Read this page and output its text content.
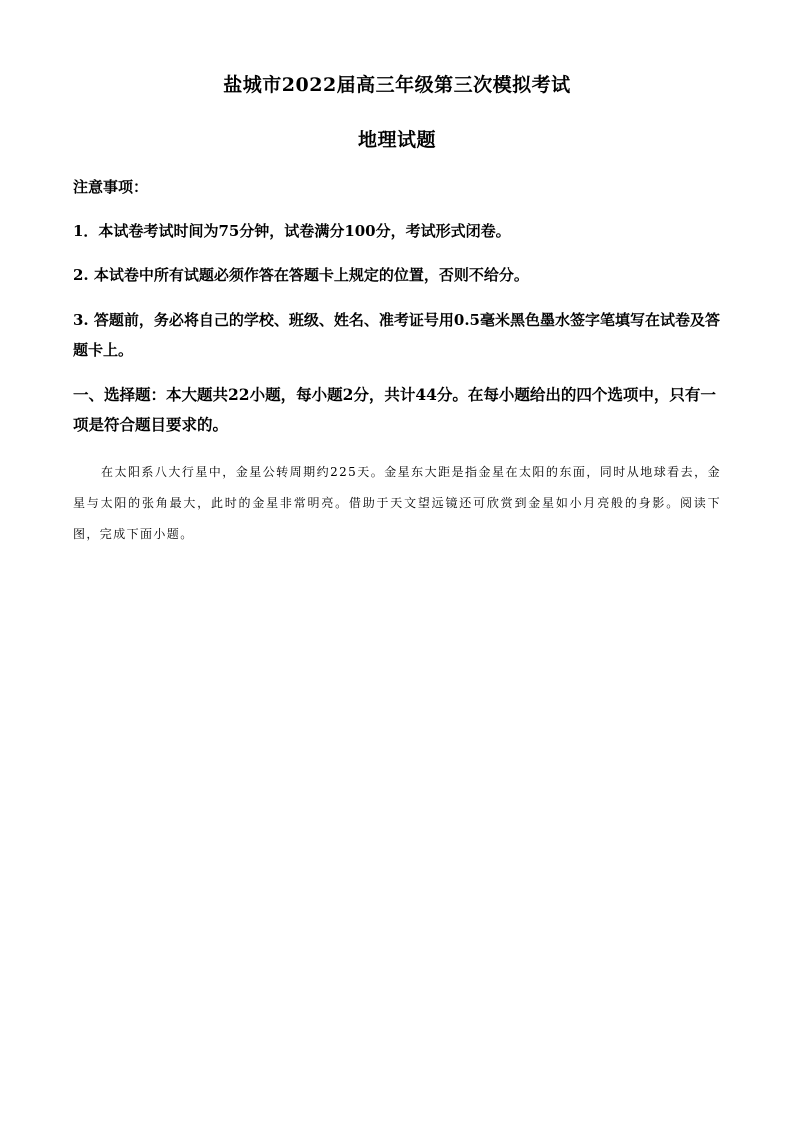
盐城市2022届高三年级第三次模拟考试
地理试题
注意事项：
1．本试卷考试时间为75分钟，试卷满分100分，考试形式闭卷。
2. 本试卷中所有试题必须作答在答题卡上规定的位置，否则不给分。
3. 答题前，务必将自己的学校、班级、姓名、准考证号用0.5毫米黑色墨水签字笔填写在试卷及答题卡上。
一、选择题：本大题共22小题，每小题2分，共计44分。在每小题给出的四个选项中，只有一项是符合题目要求的。
在太阳系八大行星中，金星公转周期约225天。金星东大距是指金星在太阳的东面，同时从地球看去，金星与太阳的张角最大，此时的金星非常明亮。借助于天文望远镜还可欣赏到金星如小月亮般的身影。阅读下图，完成下面小题。
